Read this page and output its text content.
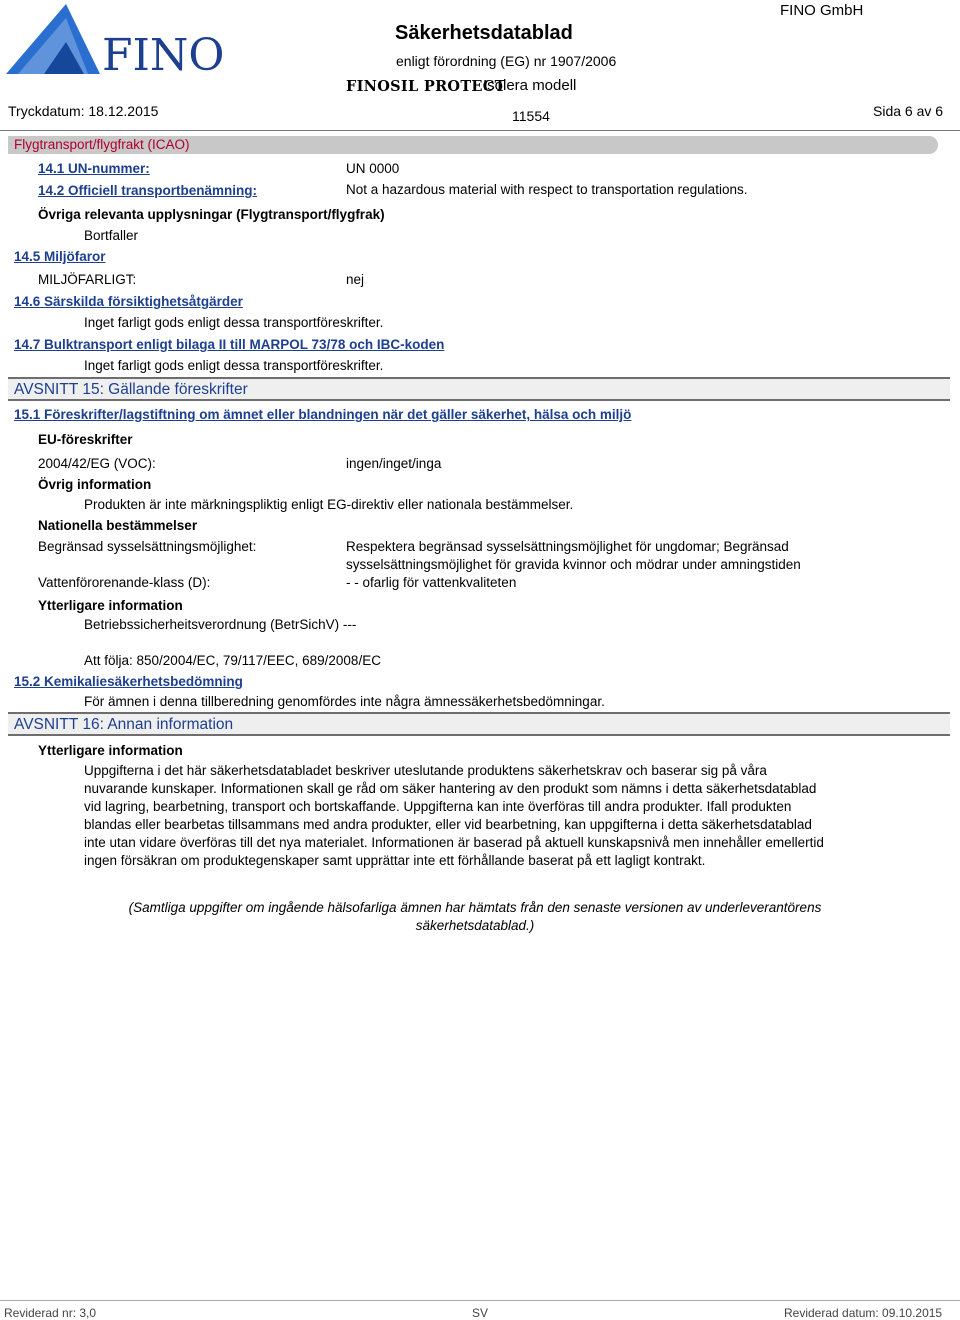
FINO	Säkerhetsdatablad
enligt förordning (EG) nr 1907/2006
FINO GmbH
FINOSIL PROTECT
Isolera modell
Tryckdatum: 18.12.2015	11554	Sida 6 av 6
Flygtransport/flygfrakt (ICAO)
14.1 UN-nummer:	UN 0000
14.2 Officiell transportbenämning:	Not a hazardous material with respect to transportation regulations.
Övriga relevanta upplysningar (Flygtransport/flygfrak)
Bortfaller
14.5 Miljöfaror
MILJÖFARLIGT:	nej
14.6 Särskilda försiktighetsåtgärder
Inget farligt gods enligt dessa transportföreskrifter.
14.7 Bulktransport enligt bilaga II till MARPOL 73/78 och IBC-koden
Inget farligt gods enligt dessa transportföreskrifter.
AVSNITT 15: Gällande föreskrifter
15.1 Föreskrifter/lagstiftning om ämnet eller blandningen när det gäller säkerhet, hälsa och miljö
EU-föreskrifter
2004/42/EG (VOC):	ingen/inget/inga
Övrig information
Produkten är inte märkningspliktig enligt EG-direktiv eller nationala bestämmelser.
Nationella bestämmelser
Begränsad sysselsättningsmöjlighet:	Respektera begränsad sysselsättningsmöjlighet för ungdomar; Begränsad
sysselsättningsmöjlighet för gravida kvinnor och mödrar under amningstiden
Vattenförorenande-klass (D):	- - ofarlig för vattenkvaliteten
Ytterligare information
Betriebssicherheitsverordnung (BetrSichV) ---
Att följa: 850/2004/EC, 79/117/EEC, 689/2008/EC
15.2 Kemikaliesäkerhetsbedömning
För ämnen i denna tillberedning genomfördes inte några ämnessäkerhetsbedömningar.
AVSNITT 16: Annan information
Ytterligare information
Uppgifterna i det här säkerhetsdatabladet beskriver uteslutande produktens säkerhetskrav och baserar sig på våra nuvarande kunskaper. Informationen skall ge råd om säker hantering av den produkt som nämns i detta säkerhetsdatablad vid lagring, bearbetning, transport och bortskaffande. Uppgifterna kan inte överföras till andra produkter. Ifall produkten blandas eller bearbetas tillsammans med andra produkter, eller vid bearbetning, kan uppgifterna i detta säkerhetsdatablad inte utan vidare överföras till det nya materialet. Informationen är baserad på aktuell kunskapsnivå men innehåller emellertid ingen försäkran om produktegenskaper samt upprättar inte ett förhållande baserat på ett lagligt kontrakt.
(Samtliga uppgifter om ingående hälsofarliga ämnen har hämtats från den senaste versionen av underleverantörens säkerhetsdatablad.)
Reviderad nr: 3,0	SV	Reviderad datum: 09.10.2015
